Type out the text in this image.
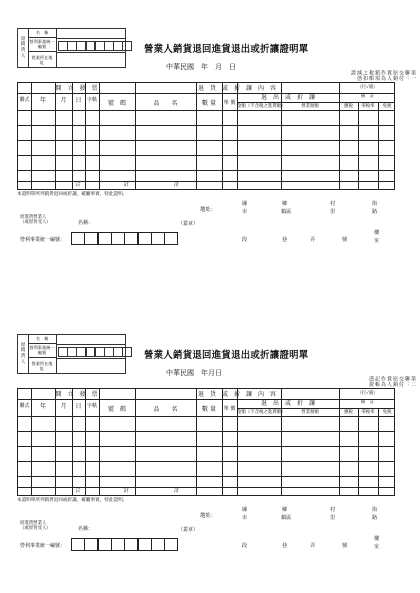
原
銷
貨
人
名　稱
營利事業統一編號
營業所在地　址
營業人銷貨退回進貨退出或折讓證明單
中華民國　年　月　日
第一聯：交付原銷貨人作為銷項稅額之扣減憑證
開　立　發　票	退　貨　或　折　讓　內　容	（打✓處）
備　註
聯式	年	月	日	字軌	號　碼	品　　名	數 量	單 價
退　出　或　折　讓
金額（不含稅之進貨額）	營業稅額	應稅	零稅率	免稅
合　　　　　　　　計	計
本證明單所列銷貨退回或折讓，確屬事實，特此證明。
地址：
縣	鄉	村	街
市	鎮區	里	路
段	巷	弄	號
樓
室
原進貨營業人
（或原買受人）	名稱：	（蓋章）
營利事業統一編號：
原
銷
貨
人
名　稱
營利事業統一編號
營業所在地　址
營業人銷貨退回進貨退出或折讓證明單
中華民國　年月日
第二聯：交付原銷貨人作為記帳憑證
開　立　發　票	退　貨　或　折　讓　內　容	（打✓處）
備　註
聯式	年	月	日	字軌	號　碼	品　　名	數 量	單 價
退　出　或　折　讓
金額（不含稅之進貨額）	營業稅額	應稅	零稅率	免稅
合　　　　　　　　計	計
本證明單所列銷貨退回或折讓，確屬事實，特此證明。
地址：
縣	鄉	村	街
市	鎮區	里	路
段	巷	弄	號
樓
室
原進貨營業人
（或原買受人）	名稱：	（蓋章）
營利事業統一編號：
